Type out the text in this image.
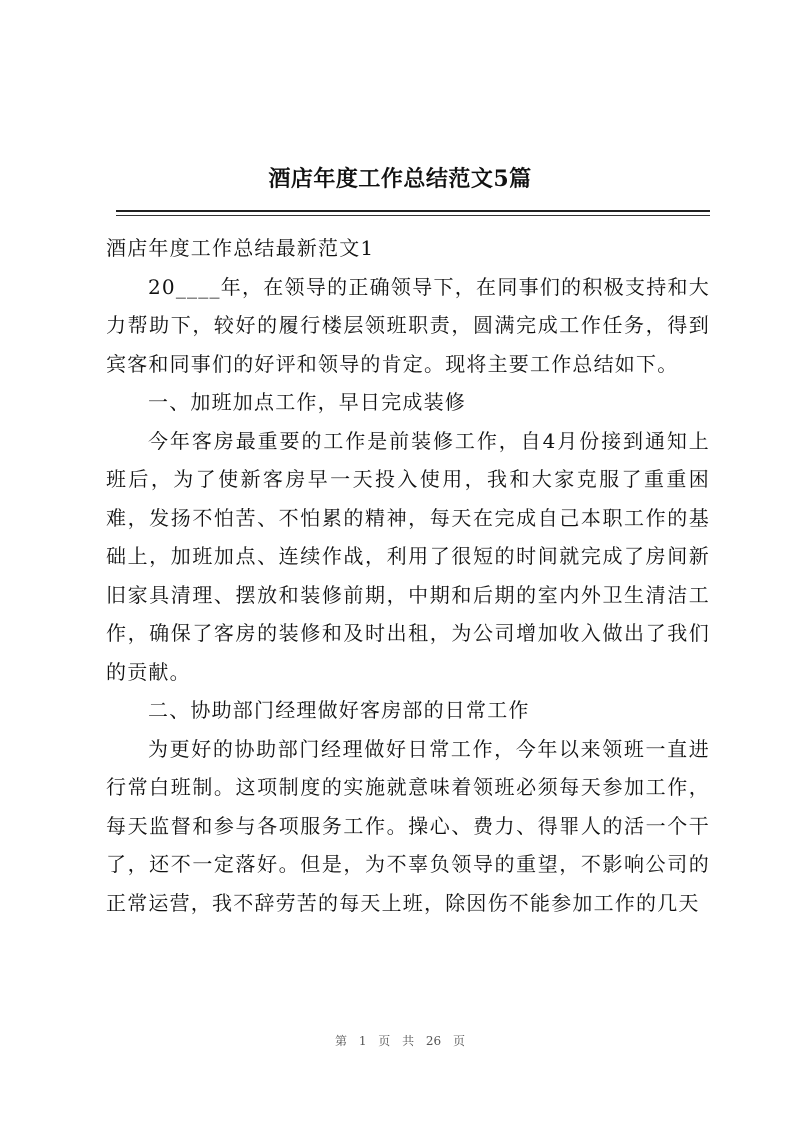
酒店年度工作总结范文5篇

酒店年度工作总结最新范文1

20____年，在领导的正确领导下，在同事们的积极支持和大力帮助下，较好的履行楼层领班职责，圆满完成工作任务，得到宾客和同事们的好评和领导的肯定。现将主要工作总结如下。

一、加班加点工作，早日完成装修

今年客房最重要的工作是前装修工作，自4月份接到通知上班后，为了使新客房早一天投入使用，我和大家克服了重重困难，发扬不怕苦、不怕累的精神，每天在完成自己本职工作的基础上，加班加点、连续作战，利用了很短的时间就完成了房间新旧家具清理、摆放和装修前期，中期和后期的室内外卫生清洁工作，确保了客房的装修和及时出租，为公司增加收入做出了我们的贡献。

二、协助部门经理做好客房部的日常工作

为更好的协助部门经理做好日常工作，今年以来领班一直进行常白班制。这项制度的实施就意味着领班必须每天参加工作，每天监督和参与各项服务工作。操心、费力、得罪人的活一个干了，还不一定落好。但是，为不辜负领导的重望，不影响公司的正常运营，我不辞劳苦的每天上班，除因伤不能参加工作的几天

第 1 页 共 26 页
